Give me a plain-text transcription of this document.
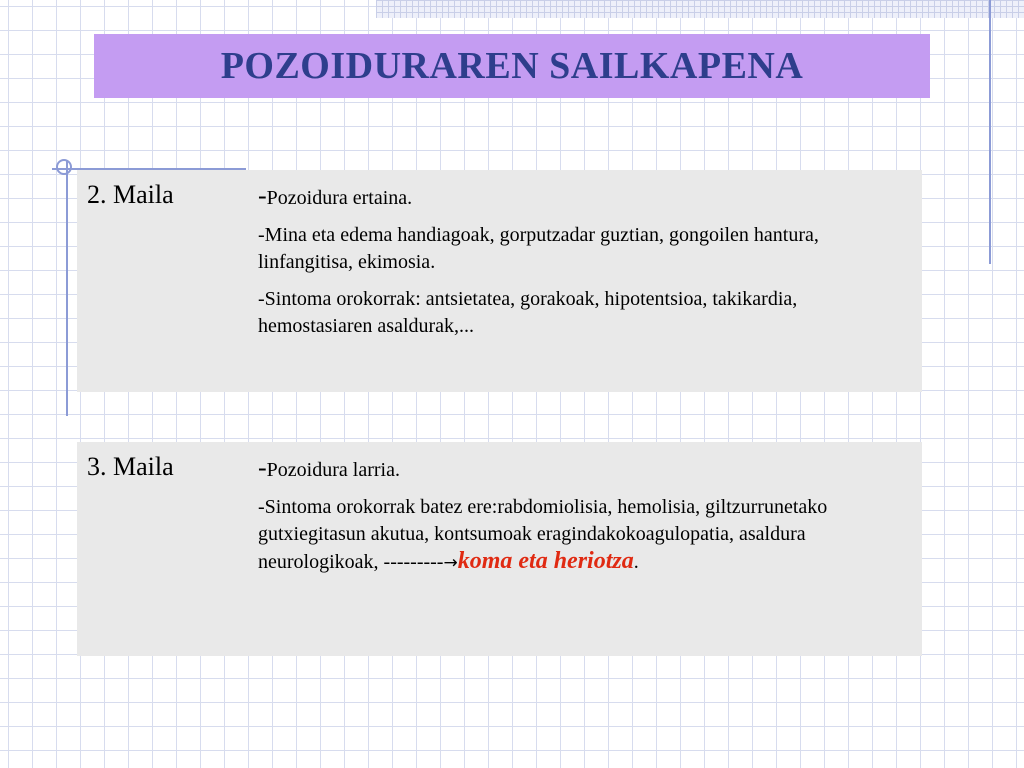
POZOIDURAREN SAILKAPENA
2. Maila	-Pozoidura ertaina.

-Mina eta edema handiagoak, gorputzadar guztian, gongoilen hantura, linfangitisa, ekimosia.

-Sintoma orokorrak: antsietatea, gorakoak, hipotentsioa, takikardia, hemostasiaren asaldurak,...

3. Maila	-Pozoidura larria.

-Sintoma orokorrak batez ere:rabdomiolisia, hemolisia, giltzurrunetako gutxiegitasun akutua, kontsumoak eragindakokoagulopatia, asaldura neurologikoak, ---------→koma eta heriotza.
